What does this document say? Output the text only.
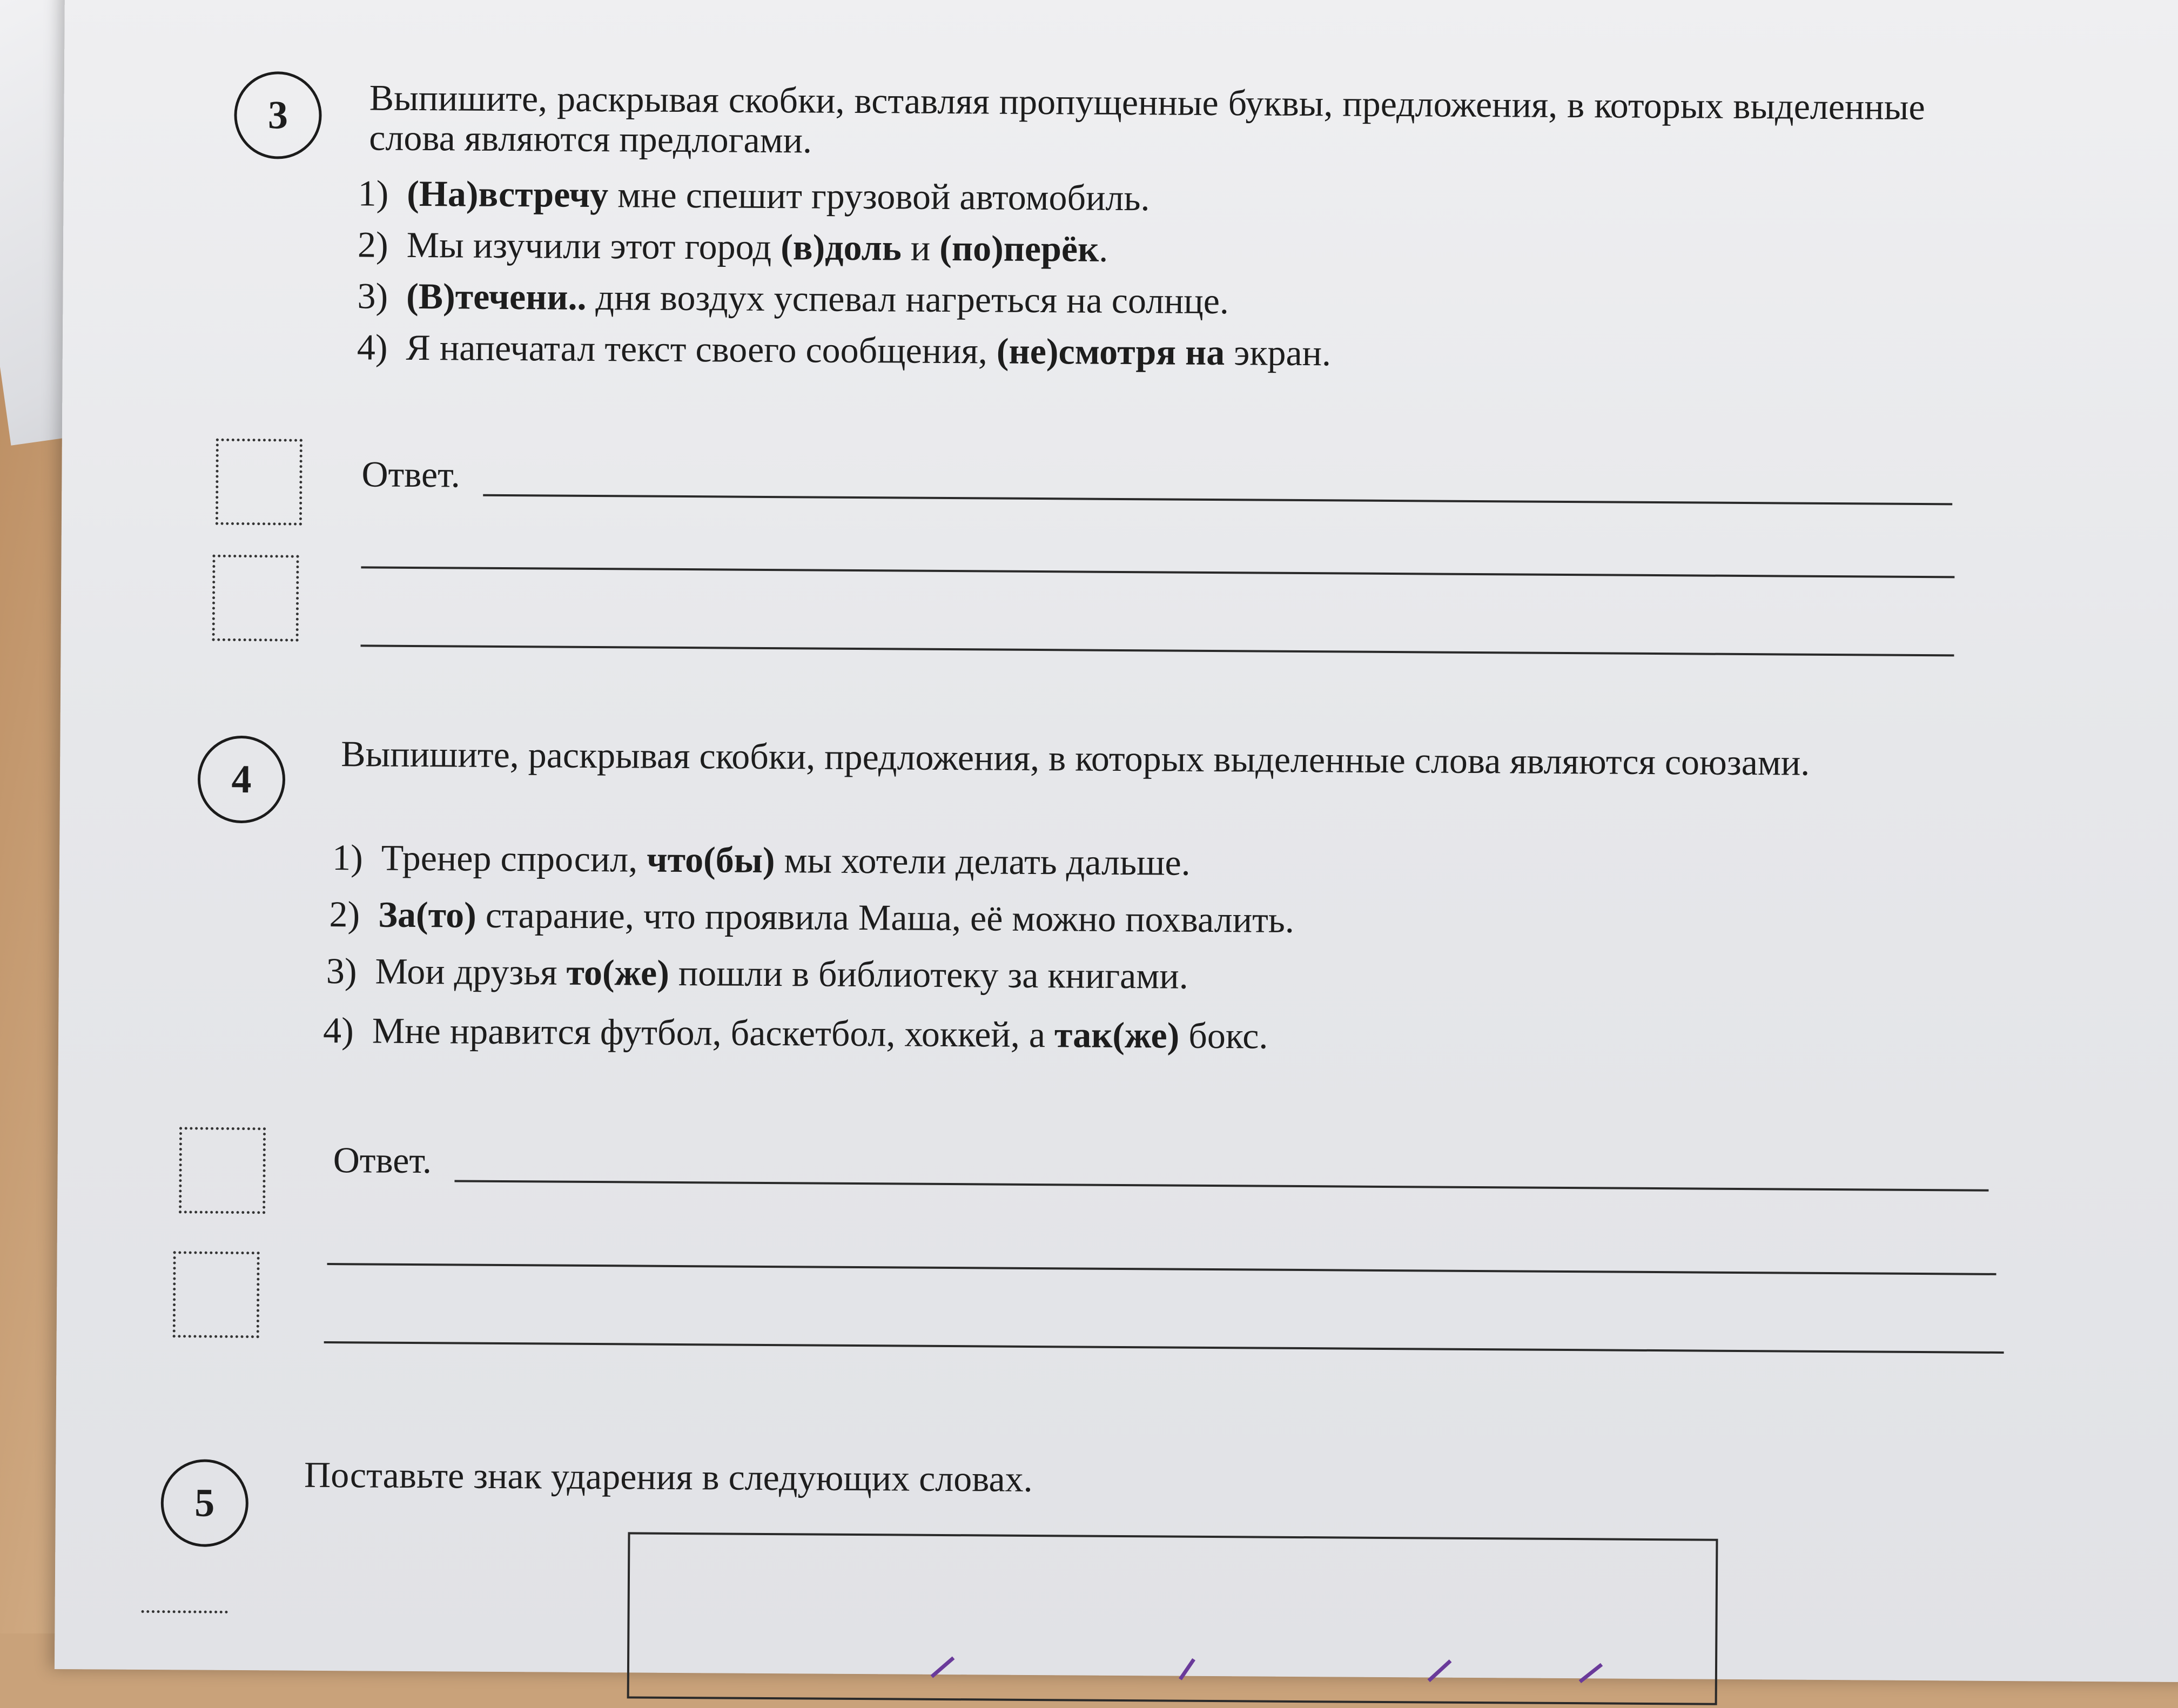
3 Выпишите, раскрывая скобки, вставляя пропущенные буквы, предложения, в которых выделенные слова являются предлогами.
1) (На)встречу мне спешит грузовой автомобиль.
2) Мы изучили этот город (в)доль и (по)перёк.
3) (В)течени.. дня воздух успевал нагреться на солнце.
4) Я напечатал текст своего сообщения, (не)смотря на экран.
Ответ.
4 Выпишите, раскрывая скобки, предложения, в которых выделенные слова являются союзами.
1) Тренер спросил, что(бы) мы хотели делать дальше.
2) За(то) старание, что проявила Маша, её можно похвалить.
3) Мои друзья то(же) пошли в библиотеку за книгами.
4) Мне нравится футбол, баскетбол, хоккей, а так(же) бокс.
Ответ.
5
Поставьте знак ударения в следующих словах.
